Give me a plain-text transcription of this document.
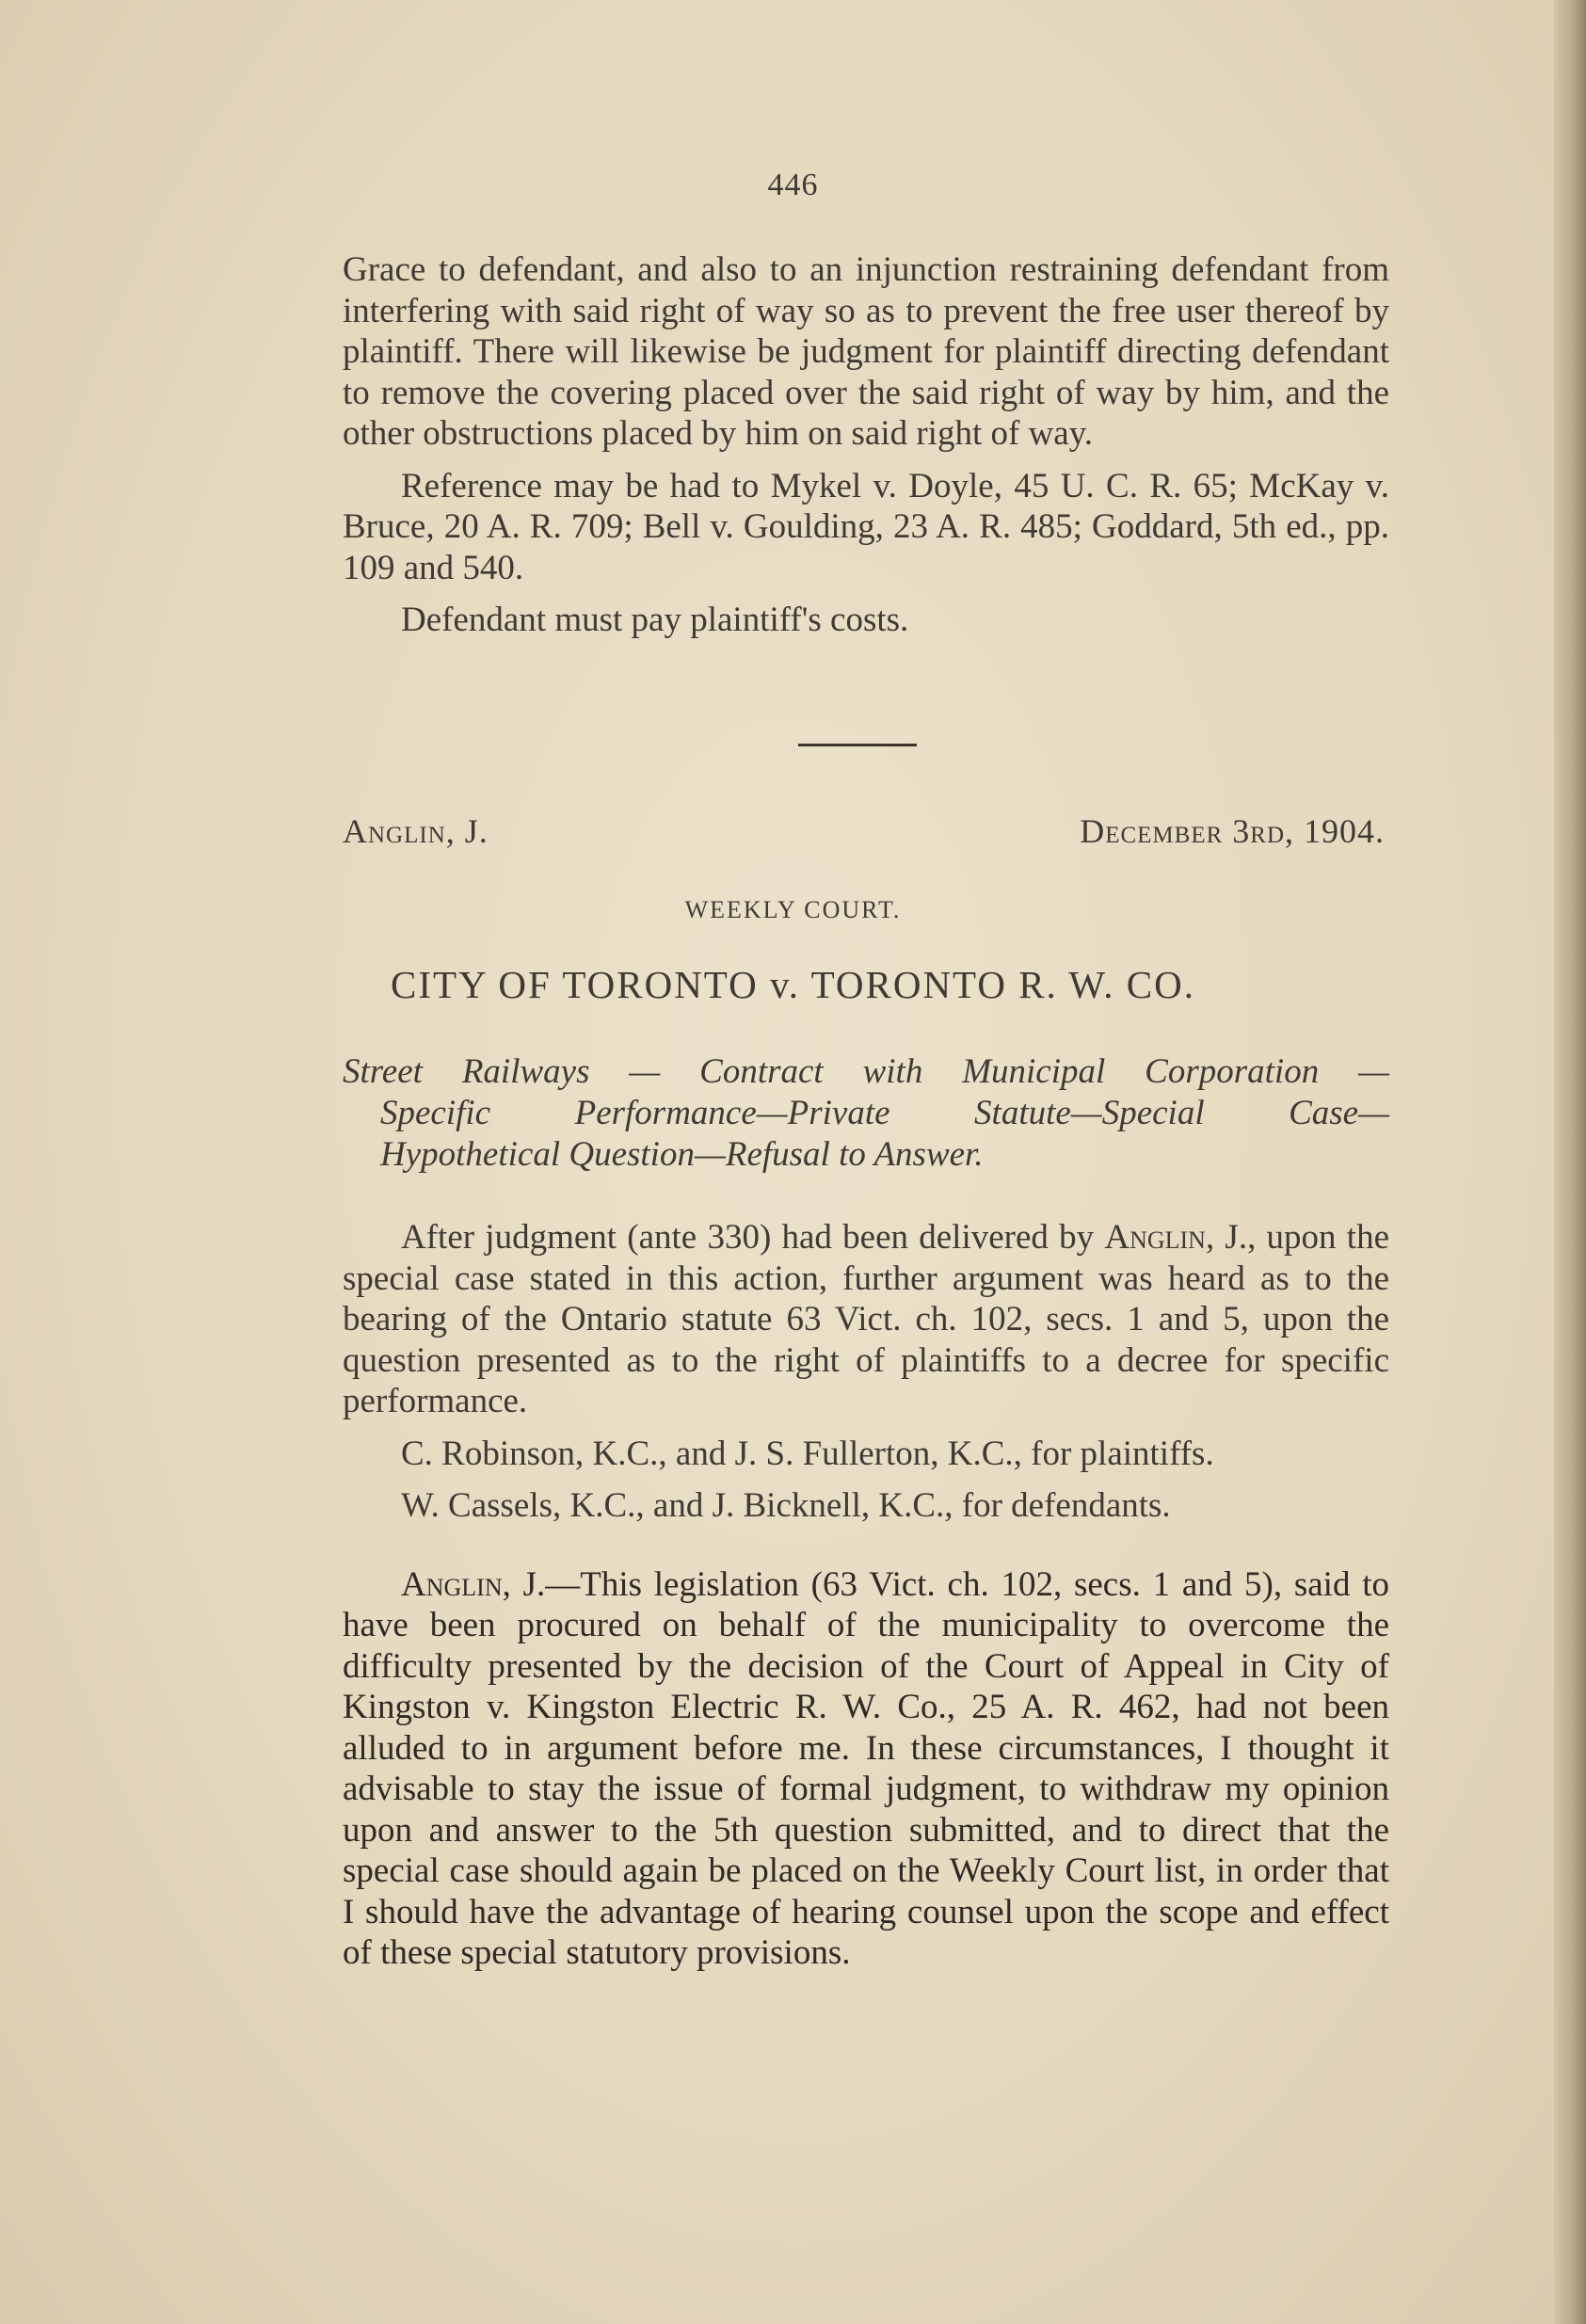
446

Grace to defendant, and also to an injunction restraining defendant from interfering with said right of way so as to prevent the free user thereof by plaintiff. There will likewise be judgment for plaintiff directing defendant to remove the covering placed over the said right of way by him, and the other obstructions placed by him on said right of way.

Reference may be had to Mykel v. Doyle, 45 U. C. R. 65; McKay v. Bruce, 20 A. R. 709; Bell v. Goulding, 23 A. R. 485; Goddard, 5th ed., pp. 109 and 540.

Defendant must pay plaintiff's costs.

Anglin, J.	December 3rd, 1904.
WEEKLY COURT.
CITY OF TORONTO v. TORONTO R. W. CO.
Street Railways — Contract with Municipal Corporation —
Specific Performance—Private Statute—Special Case—
Hypothetical Question—Refusal to Answer.

After judgment (ante 330) had been delivered by Anglin, J., upon the special case stated in this action, further argument was heard as to the bearing of the Ontario statute 63 Vict. ch. 102, secs. 1 and 5, upon the question presented as to the right of plaintiffs to a decree for specific performance.

C. Robinson, K.C., and J. S. Fullerton, K.C., for plaintiffs.

W. Cassels, K.C., and J. Bicknell, K.C., for defendants.

Anglin, J.—This legislation (63 Vict. ch. 102, secs. 1 and 5), said to have been procured on behalf of the municipality to overcome the difficulty presented by the decision of the Court of Appeal in City of Kingston v. Kingston Electric R. W. Co., 25 A. R. 462, had not been alluded to in argument before me. In these circumstances, I thought it advisable to stay the issue of formal judgment, to withdraw my opinion upon and answer to the 5th question submitted, and to direct that the special case should again be placed on the Weekly Court list, in order that I should have the advantage of hearing counsel upon the scope and effect of these special statutory provisions.
